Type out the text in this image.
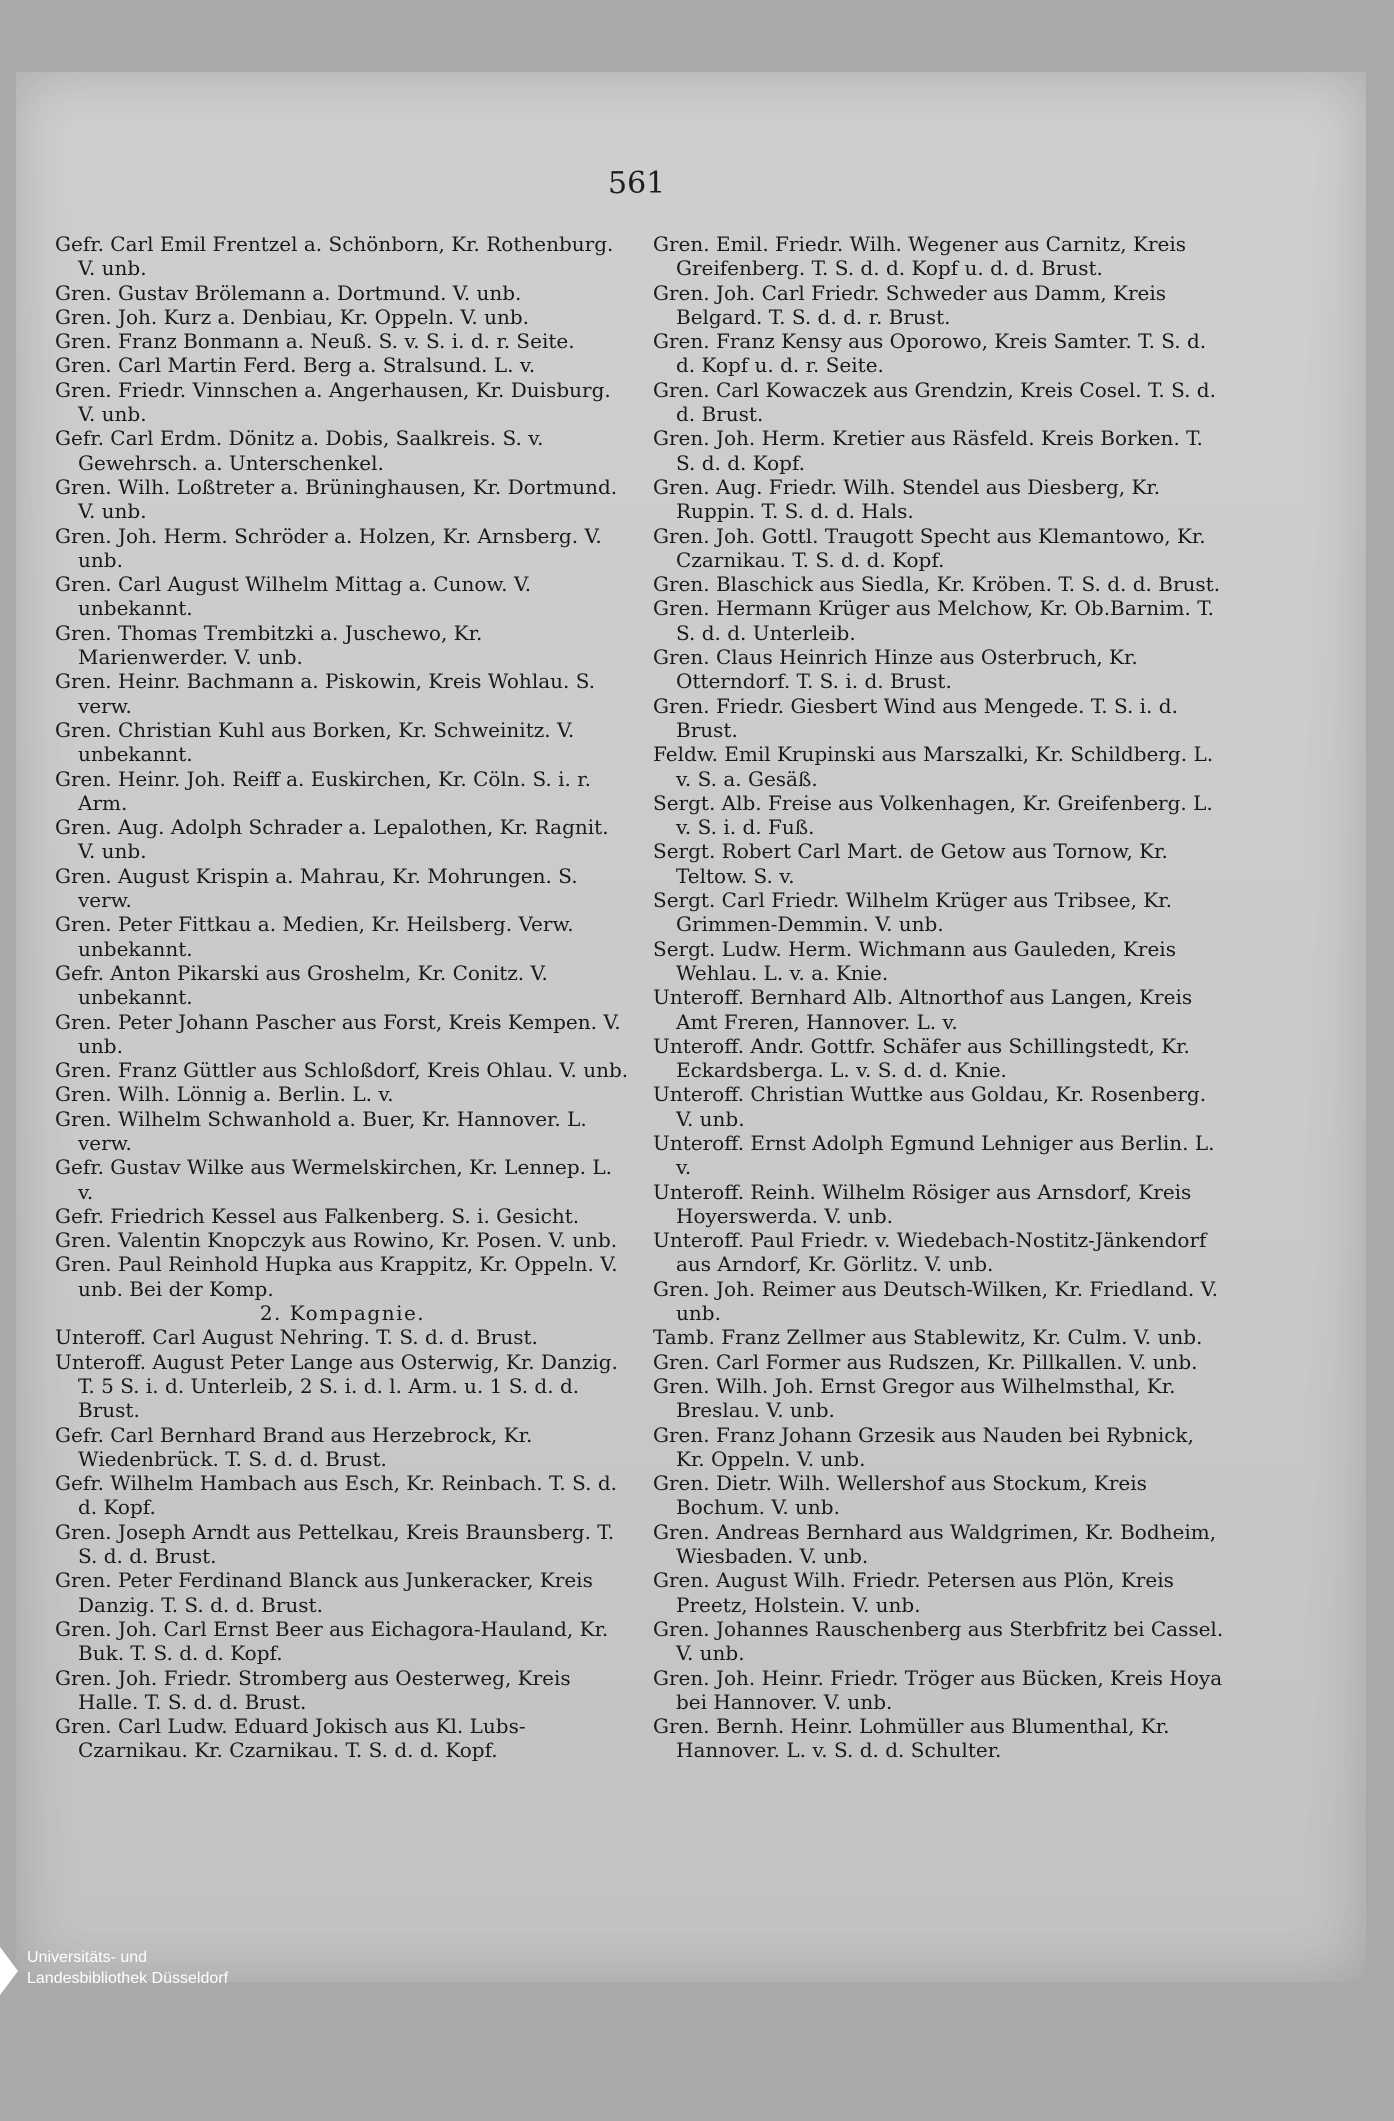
561

Gefr. Carl Emil Frentzel a. Schönborn, Kr. Rothenburg. V. unb.

Gren. Gustav Brölemann a. Dortmund. V. unb.

Gren. Joh. Kurz a. Denbiau, Kr. Oppeln. V. unb.

Gren. Franz Bonmann a. Neuß. S. v. S. i. d. r. Seite.

Gren. Carl Martin Ferd. Berg a. Stralsund. L. v.

Gren. Friedr. Vinnschen a. Angerhausen, Kr. Duisburg. V. unb.

Gefr. Carl Erdm. Dönitz a. Dobis, Saalkreis. S. v. Gewehrsch. a. Unterschenkel.

Gren. Wilh. Loßtreter a. Brüninghausen, Kr. Dortmund. V. unb.

Gren. Joh. Herm. Schröder a. Holzen, Kr. Arnsberg. V. unb.

Gren. Carl August Wilhelm Mittag a. Cunow. V. unbekannt.

Gren. Thomas Trembitzki a. Juschewo, Kr. Marienwerder. V. unb.

Gren. Heinr. Bachmann a. Piskowin, Kreis Wohlau. S. verw.

Gren. Christian Kuhl aus Borken, Kr. Schweinitz. V. unbekannt.

Gren. Heinr. Joh. Reiff a. Euskirchen, Kr. Cöln. S. i. r. Arm.

Gren. Aug. Adolph Schrader a. Lepalothen, Kr. Ragnit. V. unb.

Gren. August Krispin a. Mahrau, Kr. Mohrungen. S. verw.

Gren. Peter Fittkau a. Medien, Kr. Heilsberg. Verw. unbekannt.

Gefr. Anton Pikarski aus Groshelm, Kr. Conitz. V. unbekannt.

Gren. Peter Johann Pascher aus Forst, Kreis Kempen. V. unb.

Gren. Franz Güttler aus Schloßdorf, Kreis Ohlau. V. unb.

Gren. Wilh. Lönnig a. Berlin. L. v.

Gren. Wilhelm Schwanhold a. Buer, Kr. Hannover. L. verw.

Gefr. Gustav Wilke aus Wermelskirchen, Kr. Lennep. L. v.

Gefr. Friedrich Kessel aus Falkenberg. S. i. Gesicht.

Gren. Valentin Knopczyk aus Rowino, Kr. Posen. V. unb.

Gren. Paul Reinhold Hupka aus Krappitz, Kr. Oppeln. V. unb. Bei der Komp.

2. Kompagnie.

Unteroff. Carl August Nehring. T. S. d. d. Brust.

Unteroff. August Peter Lange aus Osterwig, Kr. Danzig. T. 5 S. i. d. Unterleib, 2 S. i. d. l. Arm. u. 1 S. d. d. Brust.

Gefr. Carl Bernhard Brand aus Herzebrock, Kr. Wiedenbrück. T. S. d. d. Brust.

Gefr. Wilhelm Hambach aus Esch, Kr. Reinbach. T. S. d. d. Kopf.

Gren. Joseph Arndt aus Pettelkau, Kreis Braunsberg. T. S. d. d. Brust.

Gren. Peter Ferdinand Blanck aus Junkeracker, Kreis Danzig. T. S. d. d. Brust.

Gren. Joh. Carl Ernst Beer aus Eichagora-Hauland, Kr. Buk. T. S. d. d. Kopf.

Gren. Joh. Friedr. Stromberg aus Oesterweg, Kreis Halle. T. S. d. d. Brust.

Gren. Carl Ludw. Eduard Jokisch aus Kl. Lubs-Czarnikau. Kr. Czarnikau. T. S. d. d. Kopf.

Gren. Emil. Friedr. Wilh. Wegener aus Carnitz, Kreis Greifenberg. T. S. d. d. Kopf u. d. d. Brust.

Gren. Joh. Carl Friedr. Schweder aus Damm, Kreis Belgard. T. S. d. d. r. Brust.

Gren. Franz Kensy aus Oporowo, Kreis Samter. T. S. d. d. Kopf u. d. r. Seite.

Gren. Carl Kowaczek aus Grendzin, Kreis Cosel. T. S. d. d. Brust.

Gren. Joh. Herm. Kretier aus Räsfeld. Kreis Borken. T. S. d. d. Kopf.

Gren. Aug. Friedr. Wilh. Stendel aus Diesberg, Kr. Ruppin. T. S. d. d. Hals.

Gren. Joh. Gottl. Traugott Specht aus Klemantowo, Kr. Czarnikau. T. S. d. d. Kopf.

Gren. Blaschick aus Siedla, Kr. Kröben. T. S. d. d. Brust.

Gren. Hermann Krüger aus Melchow, Kr. Ob.Barnim. T. S. d. d. Unterleib.

Gren. Claus Heinrich Hinze aus Osterbruch, Kr. Otterndorf. T. S. i. d. Brust.

Gren. Friedr. Giesbert Wind aus Mengede. T. S. i. d. Brust.

Feldw. Emil Krupinski aus Marszalki, Kr. Schildberg. L. v. S. a. Gesäß.

Sergt. Alb. Freise aus Volkenhagen, Kr. Greifenberg. L. v. S. i. d. Fuß.

Sergt. Robert Carl Mart. de Getow aus Tornow, Kr. Teltow. S. v.

Sergt. Carl Friedr. Wilhelm Krüger aus Tribsee, Kr. Grimmen-Demmin. V. unb.

Sergt. Ludw. Herm. Wichmann aus Gauleden, Kreis Wehlau. L. v. a. Knie.

Unteroff. Bernhard Alb. Altnorthof aus Langen, Kreis Amt Freren, Hannover. L. v.

Unteroff. Andr. Gottfr. Schäfer aus Schillingstedt, Kr. Eckardsberga. L. v. S. d. d. Knie.

Unteroff. Christian Wuttke aus Goldau, Kr. Rosenberg. V. unb.

Unteroff. Ernst Adolph Egmund Lehniger aus Berlin. L. v.

Unteroff. Reinh. Wilhelm Rösiger aus Arnsdorf, Kreis Hoyerswerda. V. unb.

Unteroff. Paul Friedr. v. Wiedebach-Nostitz-Jänkendorf aus Arndorf, Kr. Görlitz. V. unb.

Gren. Joh. Reimer aus Deutsch-Wilken, Kr. Friedland. V. unb.

Tamb. Franz Zellmer aus Stablewitz, Kr. Culm. V. unb.

Gren. Carl Former aus Rudszen, Kr. Pillkallen. V. unb.

Gren. Wilh. Joh. Ernst Gregor aus Wilhelmsthal, Kr. Breslau. V. unb.

Gren. Franz Johann Grzesik aus Nauden bei Rybnick, Kr. Oppeln. V. unb.

Gren. Dietr. Wilh. Wellershof aus Stockum, Kreis Bochum. V. unb.

Gren. Andreas Bernhard aus Waldgrimen, Kr. Bodheim, Wiesbaden. V. unb.

Gren. August Wilh. Friedr. Petersen aus Plön, Kreis Preetz, Holstein. V. unb.

Gren. Johannes Rauschenberg aus Sterbfritz bei Cassel. V. unb.

Gren. Joh. Heinr. Friedr. Tröger aus Bücken, Kreis Hoya bei Hannover. V. unb.

Gren. Bernh. Heinr. Lohmüller aus Blumenthal, Kr. Hannover. L. v. S. d. d. Schulter.

Universitäts- und
Landesbibliothek Düsseldorf
